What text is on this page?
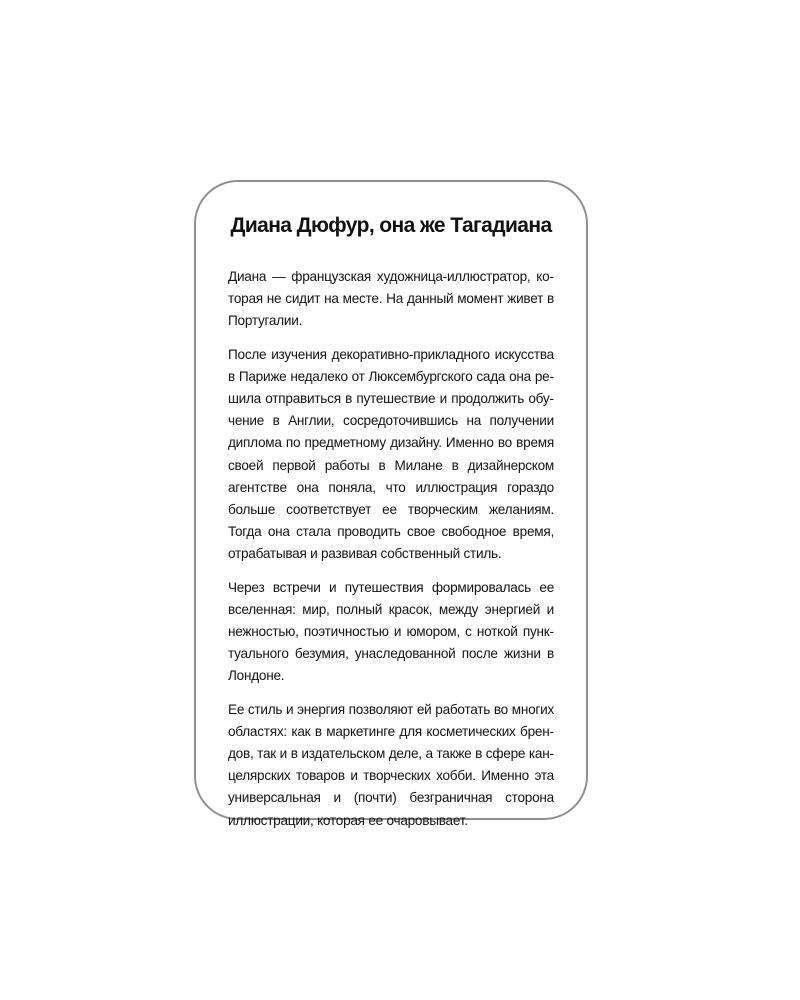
Диана Дюфур, она же Тагадиана

Диана — французская художница-иллюстратор, которая не сидит на месте. На данный момент живет в Португалии.

После изучения декоративно-прикладного искусства в Париже недалеко от Люксембургского сада она решила отправиться в путешествие и продолжить обучение в Англии, сосредоточившись на получении диплома по предметному дизайну. Именно во время своей первой работы в Милане в дизайнерском агентстве она поняла, что иллюстрация гораздо больше соответствует ее творческим желаниям. Тогда она стала проводить свое свободное время, отрабатывая и развивая собственный стиль.

Через встречи и путешествия формировалась ее вселенная: мир, полный красок, между энергией и нежностью, поэтичностью и юмором, с ноткой пунктуального безумия, унаследованной после жизни в Лондоне.

Ее стиль и энергия позволяют ей работать во многих областях: как в маркетинге для косметических брендов, так и в издательском деле, а также в сфере канцелярских товаров и творческих хобби. Именно эта универсальная и (почти) безграничная сторона иллюстрации, которая ее очаровывает.
